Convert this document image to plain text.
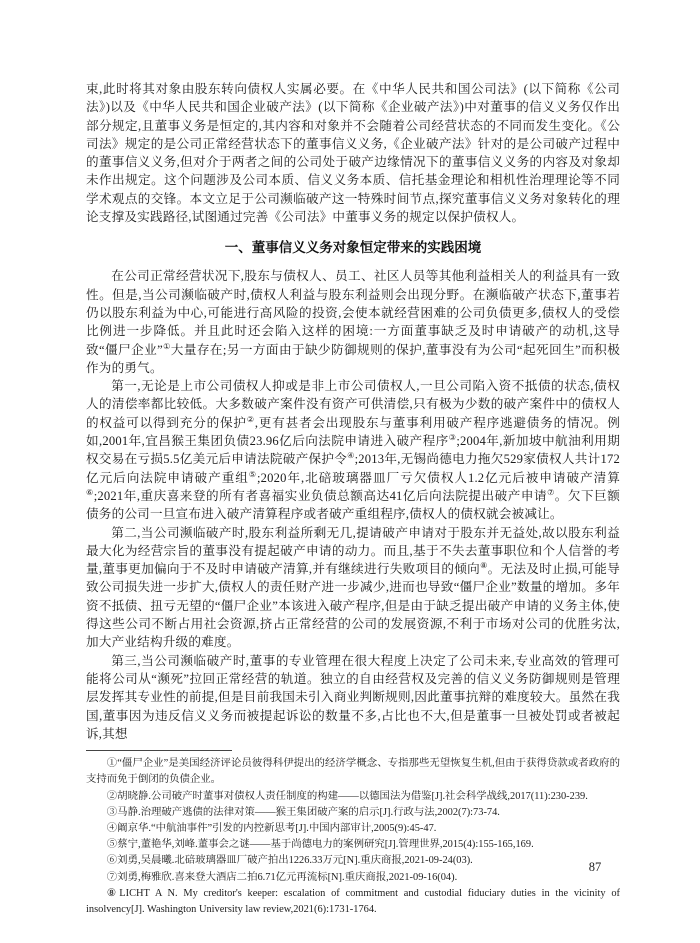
束,此时将其对象由股东转向债权人实属必要。在《中华人民共和国公司法》(以下简称《公司法》)以及《中华人民共和国企业破产法》(以下简称《企业破产法》)中对董事的信义义务仅作出部分规定,且董事义务是恒定的,其内容和对象并不会随着公司经营状态的不同而发生变化。《公司法》规定的是公司正常经营状态下的董事信义义务,《企业破产法》针对的是公司破产过程中的董事信义义务,但对介于两者之间的公司处于破产边缘情况下的董事信义义务的内容及对象却未作出规定。这个问题涉及公司本质、信义义务本质、信托基金理论和相机性治理理论等不同学术观点的交锋。本文立足于公司濒临破产这一特殊时间节点,探究董事信义义务对象转化的理论支撑及实践路径,试图通过完善《公司法》中董事义务的规定以保护债权人。

一、董事信义义务对象恒定带来的实践困境

在公司正常经营状况下,股东与债权人、员工、社区人员等其他利益相关人的利益具有一致性。但是,当公司濒临破产时,债权人利益与股东利益则会出现分野。在濒临破产状态下,董事若仍以股东利益为中心,可能进行高风险的投资,会使本就经营困难的公司负债更多,债权人的受偿比例进一步降低。并且此时还会陷入这样的困境:一方面董事缺乏及时申请破产的动机,这导致“僵尸企业”①大量存在;另一方面由于缺少防御规则的保护,董事没有为公司“起死回生”而积极作为的勇气。

第一,无论是上市公司债权人抑或是非上市公司债权人,一旦公司陷入资不抵债的状态,债权人的清偿率都比较低。大多数破产案件没有资产可供清偿,只有极为少数的破产案件中的债权人的权益可以得到充分的保护②,更有甚者会出现股东与董事利用破产程序逃避债务的情况。例如,2001年,宜昌猴王集团负债23.96亿后向法院申请进入破产程序③;2004年,新加坡中航油利用期权交易在亏损5.5亿美元后申请法院破产保护令④;2013年,无锡尚德电力拖欠529家债权人共计172亿元后向法院申请破产重组⑤;2020年,北碚玻璃器皿厂亏欠债权人1.2亿元后被申请破产清算⑥;2021年,重庆喜来登的所有者喜福实业负债总额高达41亿后向法院提出破产申请⑦。欠下巨额债务的公司一旦宣布进入破产清算程序或者破产重组程序,债权人的债权就会被减让。

第二,当公司濒临破产时,股东利益所剩无几,提请破产申请对于股东并无益处,故以股东利益最大化为经营宗旨的董事没有提起破产申请的动力。而且,基于不失去董事职位和个人信誉的考量,董事更加偏向于不及时申请破产清算,并有继续进行失败项目的倾向⑧。无法及时止损,可能导致公司损失进一步扩大,债权人的责任财产进一步减少,进而也导致“僵尸企业”数量的增加。多年资不抵债、扭亏无望的“僵尸企业”本该进入破产程序,但是由于缺乏提出破产申请的义务主体,使得这些公司不断占用社会资源,挤占正常经营的公司的发展资源,不利于市场对公司的优胜劣汰,加大产业结构升级的难度。

第三,当公司濒临破产时,董事的专业管理在很大程度上决定了公司未来,专业高效的管理可能将公司从“濒死”拉回正常经营的轨道。独立的自由经营权及完善的信义义务防御规则是管理层发挥其专业性的前提,但是目前我国未引入商业判断规则,因此董事抗辩的难度较大。虽然在我国,董事因为违反信义义务而被提起诉讼的数量不多,占比也不大,但是董事一旦被处罚或者被起诉,其想

①“僵尸企业”是美国经济评论员彼得科伊提出的经济学概念、专指那些无望恢复生机,但由于获得贷款或者政府的支持而免于倒闭的负债企业。

②胡晓静.公司破产时董事对债权人责任制度的构建——以德国法为借鉴[J].社会科学战线,2017(11):230-239.

③马静.治理破产逃债的法律对策——猴王集团破产案的启示[J].行政与法,2002(7):73-74.

④阚京华.“中航油事件”引发的内控新思考[J].中国内部审计,2005(9):45-47.

⑤蔡宁,董艳华,刘峰.董事会之谜——基于尚德电力的案例研究[J].管理世界,2015(4):155-165,169.

⑥刘勇,吴晨曦.北碚玻璃器皿厂破产拍出1226.33万元[N].重庆商报,2021-09-24(03).

⑦刘勇,梅雅欣.喜来登大酒店二拍6.71亿元再流标[N].重庆商报,2021-09-16(04).

⑧LICHT A N. My creditor's keeper: escalation of commitment and custodial fiduciary duties in the vicinity of insolvency[J]. Washington University law review,2021(6):1731-1764.

87
